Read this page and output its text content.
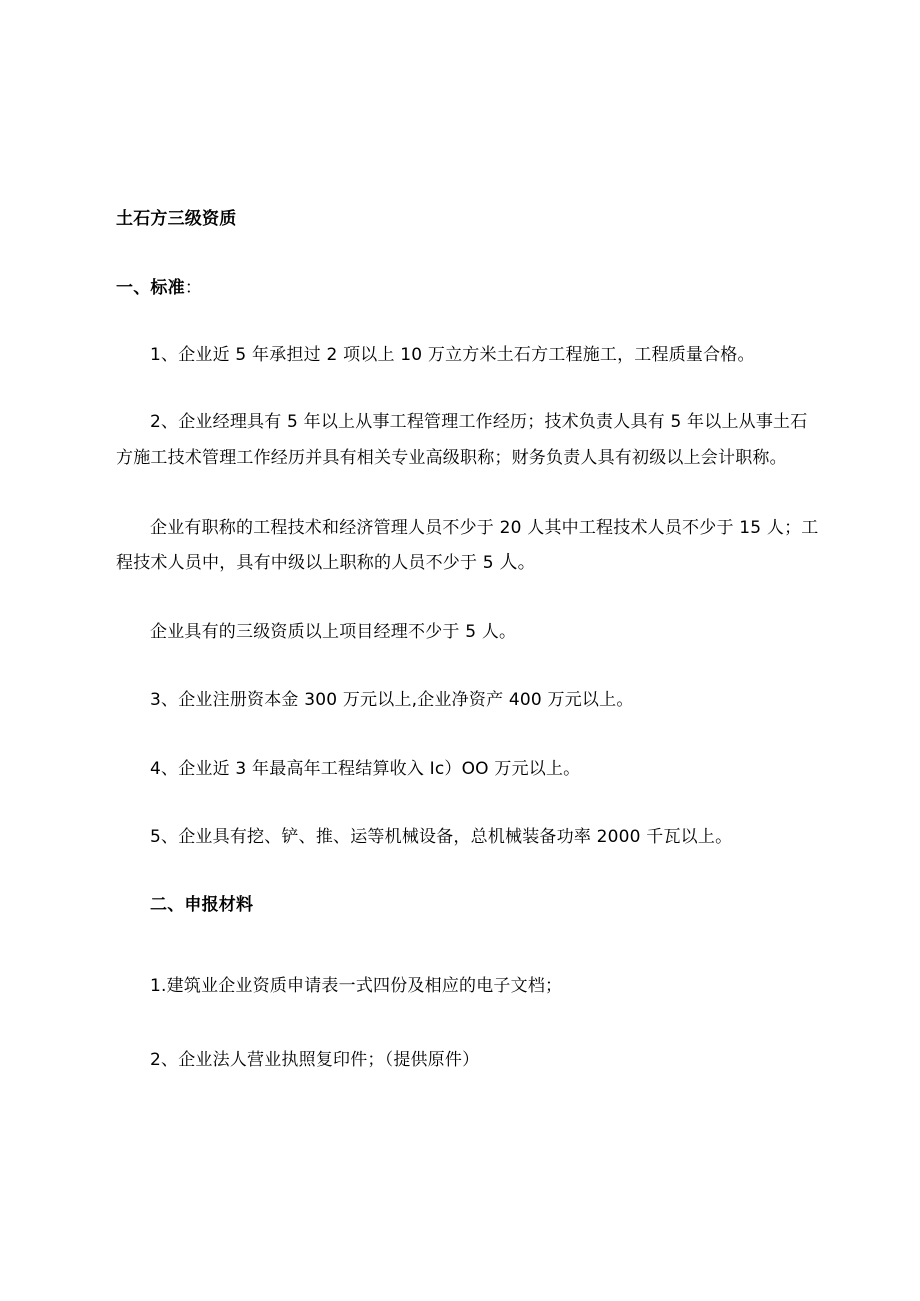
土石方三级资质
一、标准：
1、企业近 5 年承担过 2 项以上 10 万立方米土石方工程施工，工程质量合格。
2、企业经理具有 5 年以上从事工程管理工作经历；技术负责人具有 5 年以上从事土石
方施工技术管理工作经历并具有相关专业高级职称；财务负责人具有初级以上会计职称。
企业有职称的工程技术和经济管理人员不少于 20 人其中工程技术人员不少于 15 人；工
程技术人员中，具有中级以上职称的人员不少于 5 人。
企业具有的三级资质以上项目经理不少于 5 人。
3、企业注册资本金 300 万元以上,企业净资产 400 万元以上。
4、企业近 3 年最高年工程结算收入 Ic）OO 万元以上。
5、企业具有挖、铲、推、运等机械设备，总机械装备功率 2000 千瓦以上。
二、申报材料
1.建筑业企业资质申请表一式四份及相应的电子文档；
2、企业法人营业执照复印件；（提供原件）
